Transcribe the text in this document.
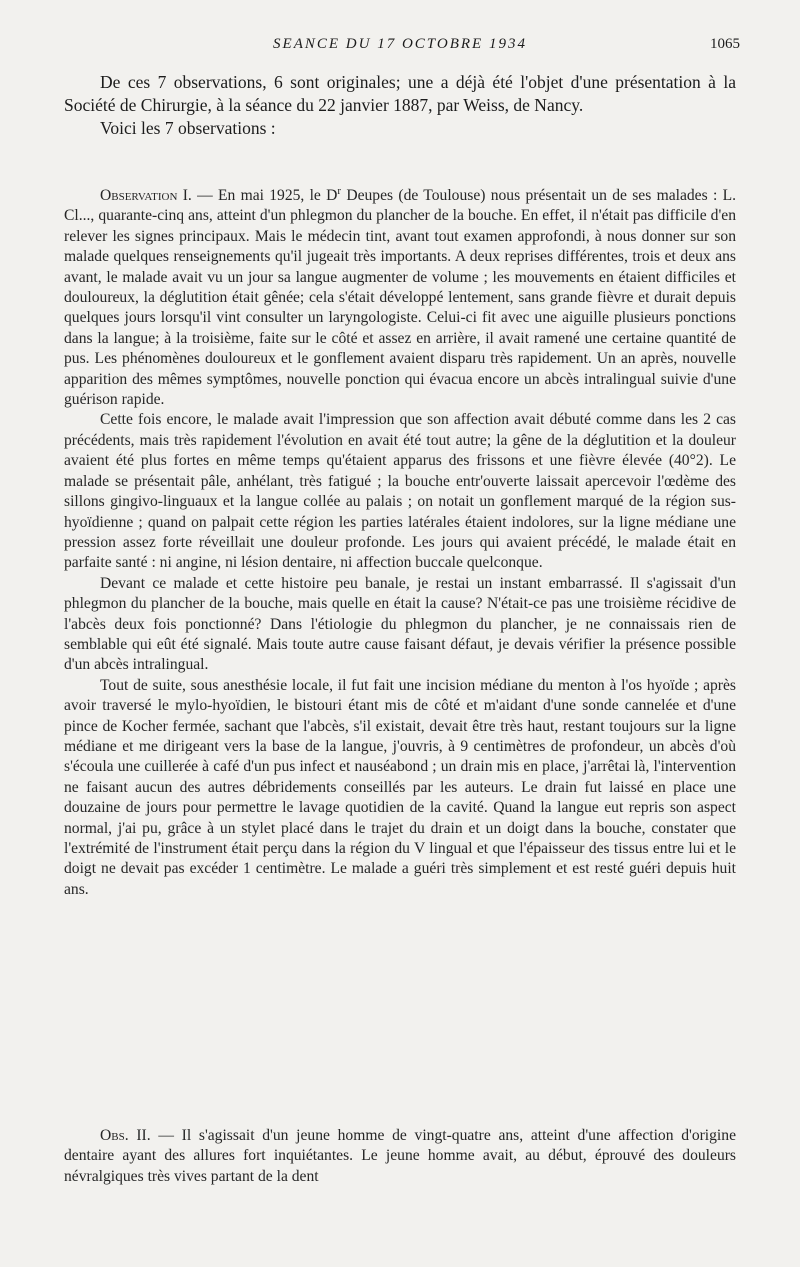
SEANCE DU 17 OCTOBRE 1934	1065

De ces 7 observations, 6 sont originales; une a déjà été l'objet d'une présentation à la Société de Chirurgie, à la séance du 22 janvier 1887, par Weiss, de Nancy.

Voici les 7 observations :

Observation I. — En mai 1925, le $D^r$ Deupes (de Toulouse) nous présentait un de ses malades : L. Cl..., quarante-cinq ans, atteint d'un phlegmon du plancher de la bouche. En effet, il n'était pas difficile d'en relever les signes principaux. Mais le médecin tint, avant tout examen approfondi, à nous donner sur son malade quelques renseignements qu'il jugeait très importants. A deux reprises différentes, trois et deux ans avant, le malade avait vu un jour sa langue augmenter de volume ; les mouvements en étaient difficiles et douloureux, la déglutition était gênée; cela s'était développé lentement, sans grande fièvre et durait depuis quelques jours lorsqu'il vint consulter un laryngologiste. Celui-ci fit avec une aiguille plusieurs ponctions dans la langue; à la troisième, faite sur le côté et assez en arrière, il avait ramené une certaine quantité de pus. Les phénomènes douloureux et le gonflement avaient disparu très rapidement. Un an après, nouvelle apparition des mêmes symptômes, nouvelle ponction qui évacua encore un abcès intralingual suivie d'une guérison rapide.

Cette fois encore, le malade avait l'impression que son affection avait débuté comme dans les 2 cas précédents, mais très rapidement l'évolution en avait été tout autre; la gêne de la déglutition et la douleur avaient été plus fortes en même temps qu'étaient apparus des frissons et une fièvre élevée (40°2). Le malade se présentait pâle, anhélant, très fatigué ; la bouche entr'ouverte laissait apercevoir l'œdème des sillons gingivo-linguaux et la langue collée au palais ; on notait un gonflement marqué de la région sus-hyoïdienne ; quand on palpait cette région les parties latérales étaient indolores, sur la ligne médiane une pression assez forte réveillait une douleur profonde. Les jours qui avaient précédé, le malade était en parfaite santé : ni angine, ni lésion dentaire, ni affection buccale quelconque.

Devant ce malade et cette histoire peu banale, je restai un instant embarrassé. Il s'agissait d'un phlegmon du plancher de la bouche, mais quelle en était la cause? N'était-ce pas une troisième récidive de l'abcès deux fois ponctionné? Dans l'étiologie du phlegmon du plancher, je ne connaissais rien de semblable qui eût été signalé. Mais toute autre cause faisant défaut, je devais vérifier la présence possible d'un abcès intralingual.

Tout de suite, sous anesthésie locale, il fut fait une incision médiane du menton à l'os hyoïde ; après avoir traversé le mylo-hyoïdien, le bistouri étant mis de côté et m'aidant d'une sonde cannelée et d'une pince de Kocher fermée, sachant que l'abcès, s'il existait, devait être très haut, restant toujours sur la ligne médiane et me dirigeant vers la base de la langue, j'ouvris, à 9 centimètres de profondeur, un abcès d'où s'écoula une cuillerée à café d'un pus infect et nauséabond ; un drain mis en place, j'arrêtai là, l'intervention ne faisant aucun des autres débridements conseillés par les auteurs. Le drain fut laissé en place une douzaine de jours pour permettre le lavage quotidien de la cavité. Quand la langue eut repris son aspect normal, j'ai pu, grâce à un stylet placé dans le trajet du drain et un doigt dans la bouche, constater que l'extrémité de l'instrument était perçu dans la région du V lingual et que l'épaisseur des tissus entre lui et le doigt ne devait pas excéder 1 centimètre. Le malade a guéri très simplement et est resté guéri depuis huit ans.

Obs. II. — Il s'agissait d'un jeune homme de vingt-quatre ans, atteint d'une affection d'origine dentaire ayant des allures fort inquiétantes. Le jeune homme avait, au début, éprouvé des douleurs névralgiques très vives partant de la dent
